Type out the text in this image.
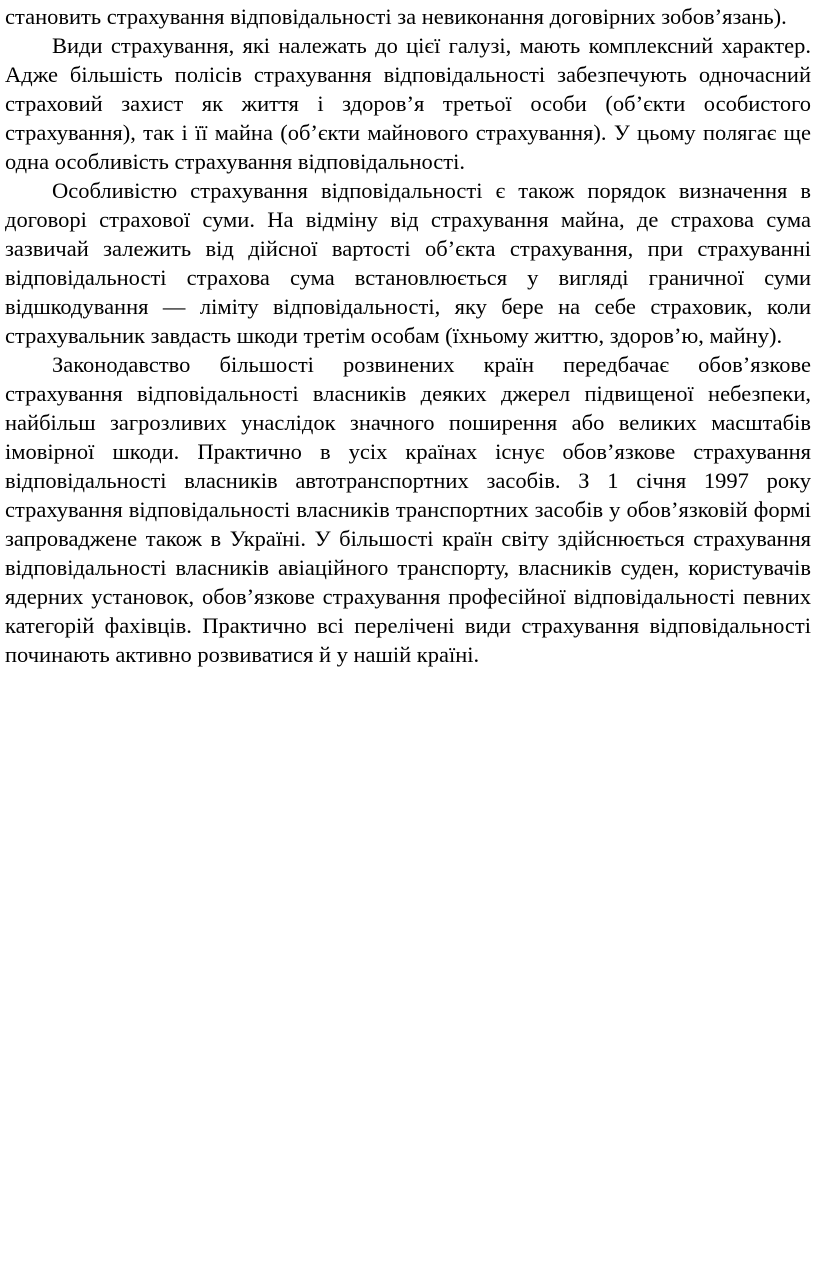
становить страхування відповідальності за невиконання договірних зобов’язань).

Види страхування, які належать до цієї галузі, мають комплексний характер. Адже більшість полісів страхування відповідальності забезпечують одночасний страховий захист як життя і здоров’я третьої особи (об’єкти особистого страхування), так і її майна (об’єкти майнового страхування). У цьому полягає ще одна особливість страхування відповідальності.

Особливістю страхування відповідальності є також порядок визначення в договорі страхової суми. На відміну від страхування майна, де страхова сума зазвичай залежить від дійсної вартості об’єкта страхування, при страхуванні відповідальності страхова сума встановлюється у вигляді граничної суми відшкодування — ліміту відповідальності, яку бере на себе страховик, коли страхувальник завдасть шкоди третім особам (їхньому життю, здоров’ю, майну).

Законодавство більшості розвинених країн передбачає обов’язкове страхування відповідальності власників деяких джерел підвищеної небезпеки, найбільш загрозливих унаслідок значного поширення або великих масштабів імовірної шкоди. Практично в усіх країнах існує обов’язкове страхування відповідальності власників автотранспортних засобів. З 1 січня 1997 року страхування відповідальності власників транспортних засобів у обов’язковій формі запроваджене також в Україні. У більшості країн світу здійснюється страхування відповідальності власників авіаційного транспорту, власників суден, користувачів ядерних установок, обов’язкове страхування професійної відповідальності певних категорій фахівців. Практично всі перелічені види страхування відповідальності починають активно розвиватися й у нашій країні.
